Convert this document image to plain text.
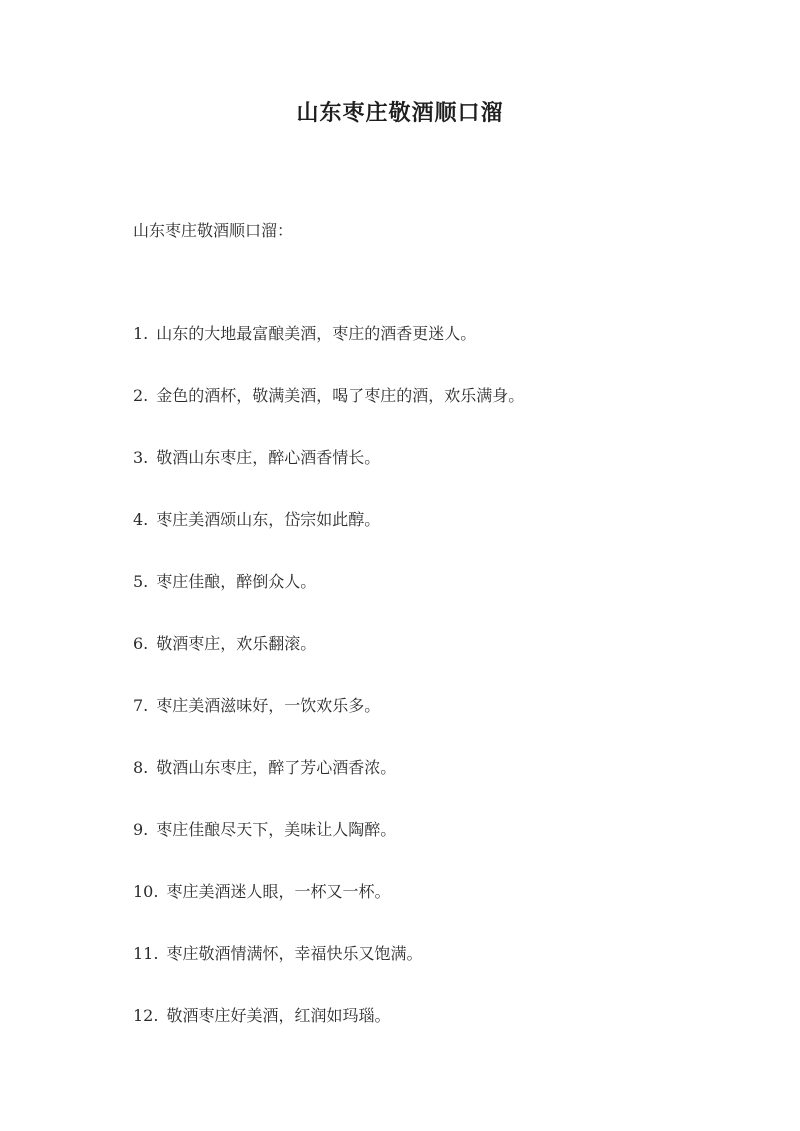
山东枣庄敬酒顺口溜
山东枣庄敬酒顺口溜：
1. 山东的大地最富酿美酒，枣庄的酒香更迷人。
2. 金色的酒杯，敬满美酒，喝了枣庄的酒，欢乐满身。
3. 敬酒山东枣庄，醉心酒香情长。
4. 枣庄美酒颂山东，岱宗如此醇。
5. 枣庄佳酿，醉倒众人。
6. 敬酒枣庄，欢乐翻滚。
7. 枣庄美酒滋味好，一饮欢乐多。
8. 敬酒山东枣庄，醉了芳心酒香浓。
9. 枣庄佳酿尽天下，美味让人陶醉。
10. 枣庄美酒迷人眼，一杯又一杯。
11. 枣庄敬酒情满怀，幸福快乐又饱满。
12. 敬酒枣庄好美酒，红润如玛瑙。
